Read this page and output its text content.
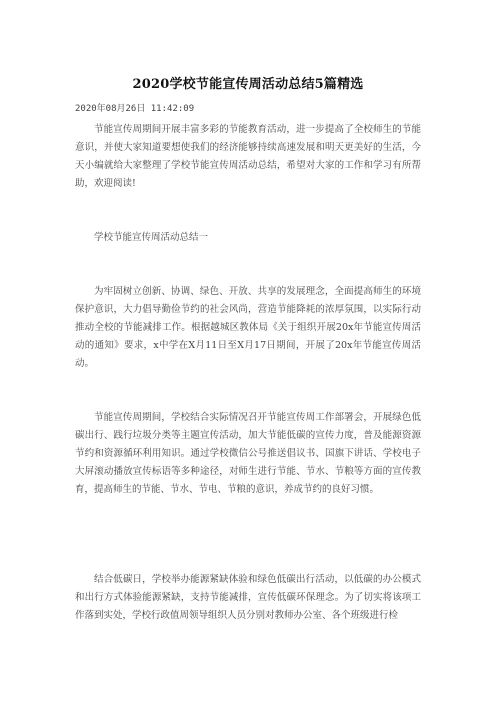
2020学校节能宣传周活动总结5篇精选
2020年08月26日 11:42:09

节能宣传周期间开展丰富多彩的节能教育活动，进一步提高了全校师生的节能意识，并使大家知道要想使我们的经济能够持续高速发展和明天更美好的生活，今天小编就给大家整理了学校节能宣传周活动总结，希望对大家的工作和学习有所帮助，欢迎阅读!

学校节能宣传周活动总结一

为牢固树立创新、协调、绿色、开放、共享的发展理念，全面提高师生的环境保护意识，大力倡导勤俭节约的社会风尚，营造节能降耗的浓厚氛围，以实际行动推动全校的节能减排工作。根据越城区教体局《关于组织开展20x年节能宣传周活动的通知》要求，x中学在X月11日至X月17日期间，开展了20x年节能宣传周活动。

节能宣传周期间，学校结合实际情况召开节能宣传周工作部署会，开展绿色低碳出行、践行垃圾分类等主题宣传活动，加大节能低碳的宣传力度，普及能源资源节约和资源循环利用知识。通过学校微信公号推送倡议书、国旗下讲话、学校电子大屏滚动播放宣传标语等多种途径，对师生进行节能、节水、节粮等方面的宣传教育，提高师生的节能、节水、节电、节粮的意识，养成节约的良好习惯。

结合低碳日，学校举办能源紧缺体验和绿色低碳出行活动，以低碳的办公模式和出行方式体验能源紧缺，支持节能减排，宣传低碳环保理念。为了切实将该项工作落到实处，学校行政值周领导组织人员分别对教师办公室、各个班级进行检
